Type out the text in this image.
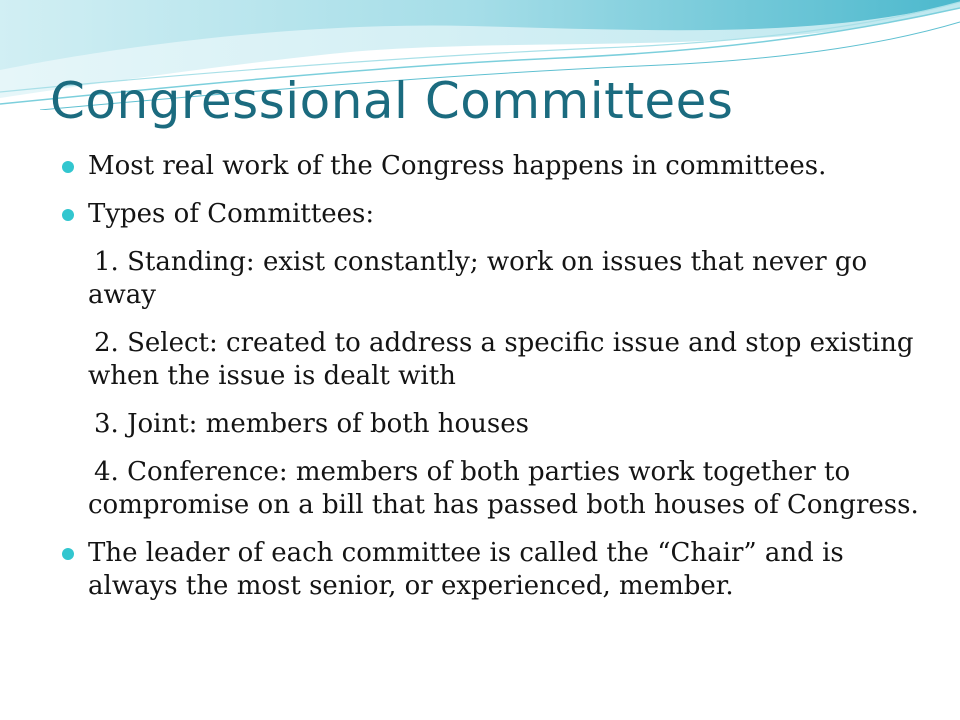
Congressional Committees
Most real work of the Congress happens in committees.
Types of Committees:
1. Standing: exist constantly; work on issues that never go away
2. Select: created to address a specific issue and stop existing when the issue is dealt with
3. Joint: members of both houses
4. Conference: members of both parties work together to compromise on a bill that has passed both houses of Congress.
The leader of each committee is called the “Chair” and is always the most senior, or experienced, member.
